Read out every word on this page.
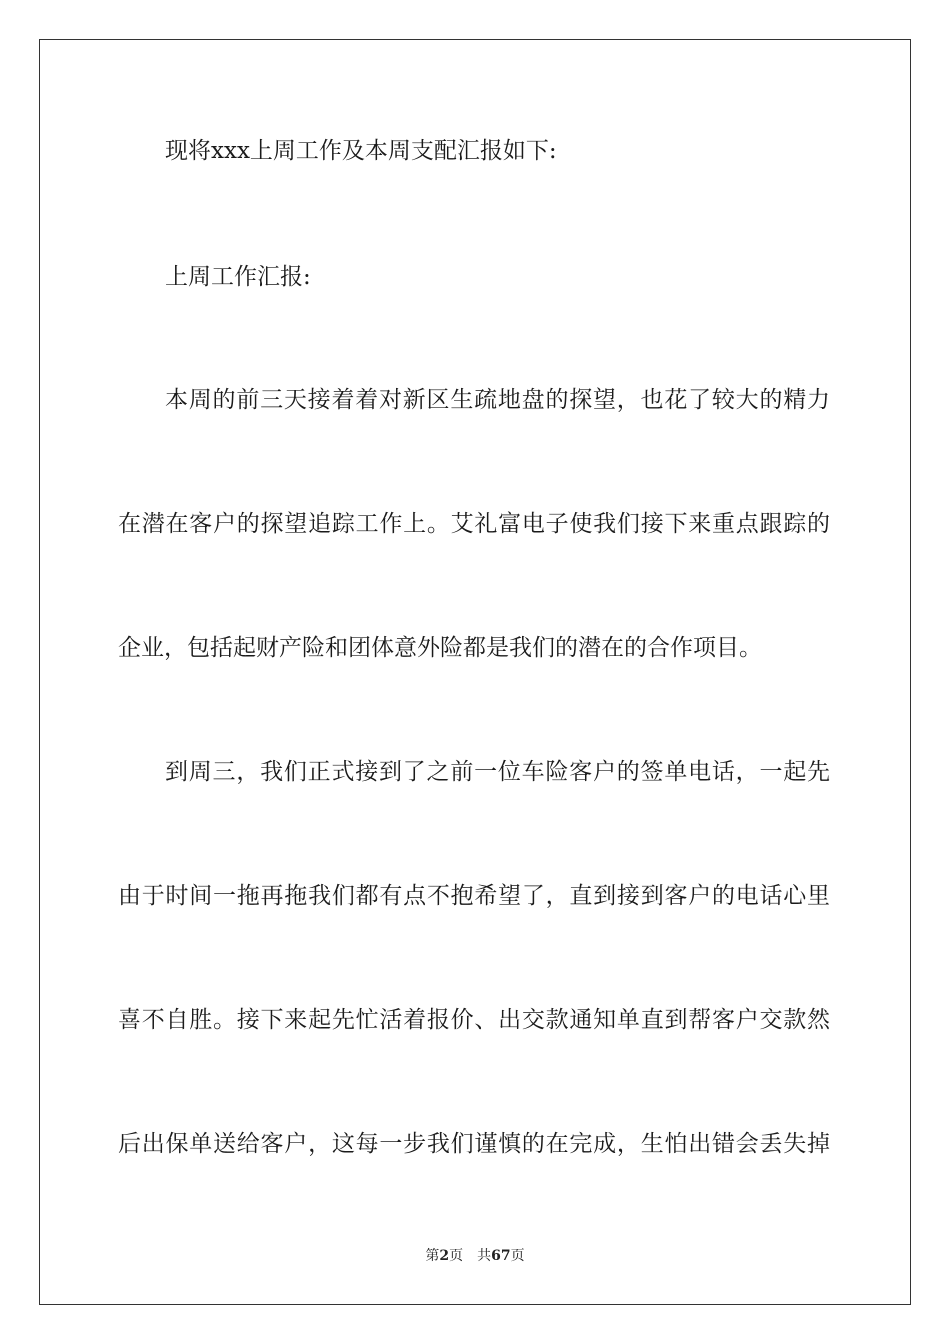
现将xxx上周工作及本周支配汇报如下:
上周工作汇报:
本周的前三天接着着对新区生疏地盘的探望，也花了较大的精力
在潜在客户的探望追踪工作上。艾礼富电子使我们接下来重点跟踪的
企业，包括起财产险和团体意外险都是我们的潜在的合作项目。
到周三，我们正式接到了之前一位车险客户的签单电话，一起先
由于时间一拖再拖我们都有点不抱希望了，直到接到客户的电话心里
喜不自胜。接下来起先忙活着报价、出交款通知单直到帮客户交款然
后出保单送给客户，这每一步我们谨慎的在完成，生怕出错会丢失掉
第2页 共67页
